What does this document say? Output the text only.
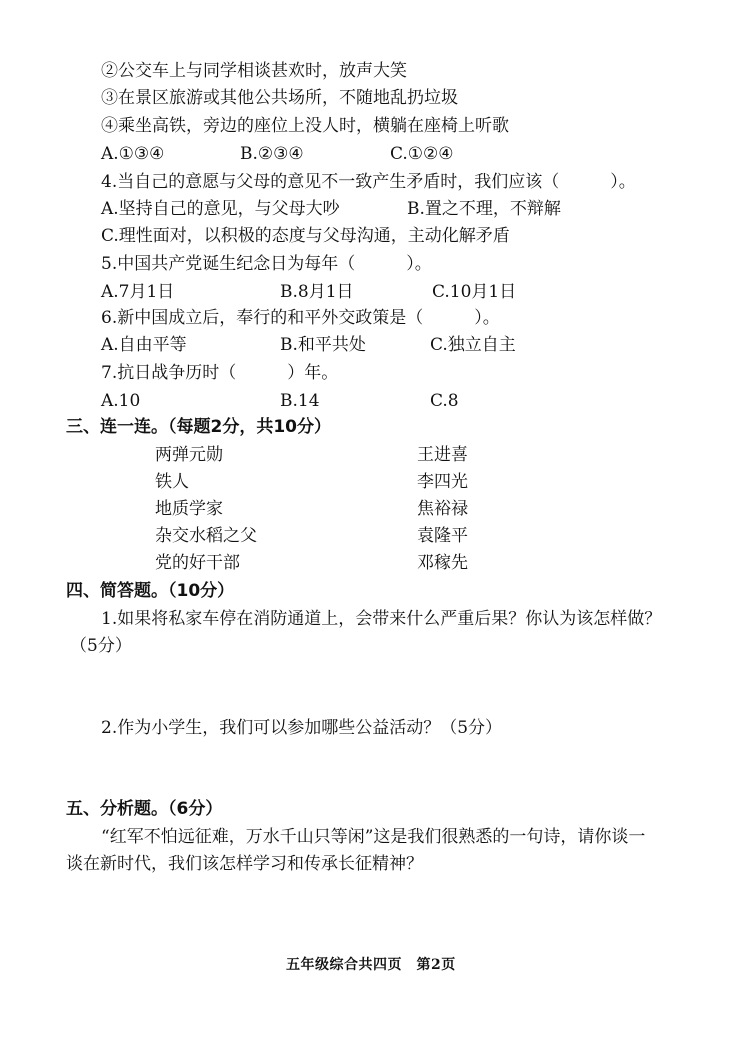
②公交车上与同学相谈甚欢时，放声大笑
③在景区旅游或其他公共场所，不随地乱扔垃圾
④乘坐高铁，旁边的座位上没人时，横躺在座椅上听歌
A.①③④	B.②③④	C.①②④
4.当自己的意愿与父母的意见不一致产生矛盾时，我们应该（　　　）。
A.坚持自己的意见，与父母大吵	B.置之不理，不辩解
C.理性面对，以积极的态度与父母沟通，主动化解矛盾
5.中国共产党诞生纪念日为每年（　　　）。
A.7月1日	B.8月1日	C.10月1日
6.新中国成立后，奉行的和平外交政策是（　　　）。
A.自由平等	B.和平共处	C.独立自主
7.抗日战争历时（　　　）年。
A.10	B.14	C.8
三、连一连。（每题2分，共10分）
两弹元勋	王进喜
铁人	李四光
地质学家	焦裕禄
杂交水稻之父	袁隆平
党的好干部	邓稼先
四、简答题。（10分）
1.如果将私家车停在消防通道上，会带来什么严重后果？你认为该怎样做？
（5分）
2.作为小学生，我们可以参加哪些公益活动？（5分）
五、分析题。（6分）
“红军不怕远征难，万水千山只等闲”这是我们很熟悉的一句诗，请你谈一
谈在新时代，我们该怎样学习和传承长征精神？
五年级综合共四页　第2页
